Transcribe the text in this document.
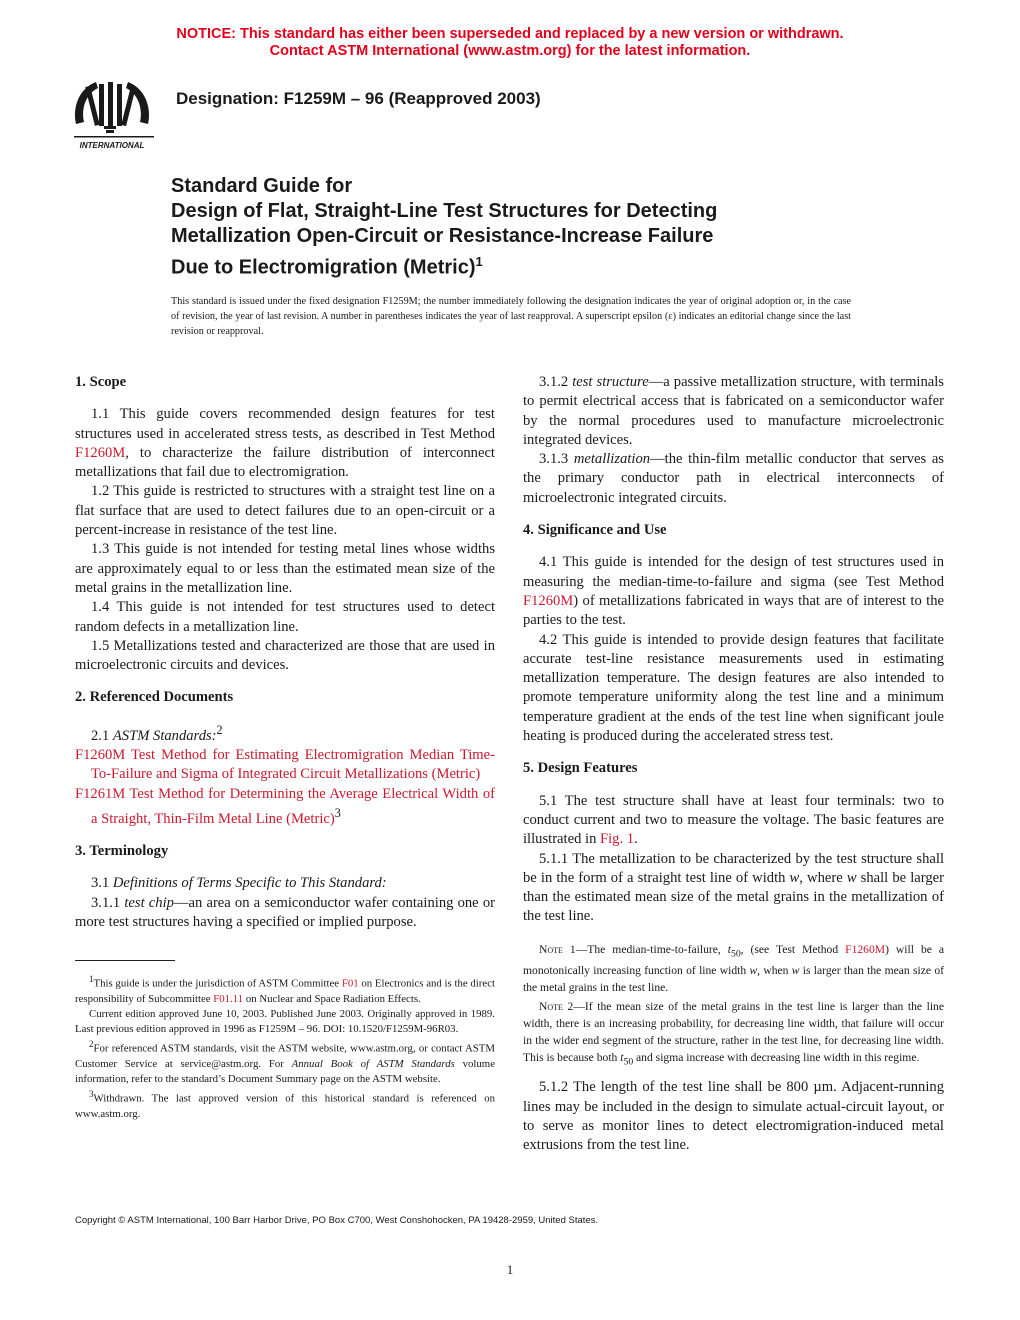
NOTICE: This standard has either been superseded and replaced by a new version or withdrawn.
Contact ASTM International (www.astm.org) for the latest information.
INTERNATIONAL
Designation: F1259M – 96 (Reapproved 2003)
Standard Guide for
Design of Flat, Straight-Line Test Structures for Detecting
Metallization Open-Circuit or Resistance-Increase Failure
Due to Electromigration (Metric)$^1$
This standard is issued under the fixed designation F1259M; the number immediately following the designation indicates the year of original adoption or, in the case of revision, the year of last revision. A number in parentheses indicates the year of last reapproval. A superscript epsilon (ε) indicates an editorial change since the last revision or reapproval.
1. Scope

1.1 This guide covers recommended design features for test structures used in accelerated stress tests, as described in Test Method F1260M, to characterize the failure distribution of interconnect metallizations that fail due to electromigration.

1.2 This guide is restricted to structures with a straight test line on a flat surface that are used to detect failures due to an open-circuit or a percent-increase in resistance of the test line.

1.3 This guide is not intended for testing metal lines whose widths are approximately equal to or less than the estimated mean size of the metal grains in the metallization line.

1.4 This guide is not intended for test structures used to detect random defects in a metallization line.

1.5 Metallizations tested and characterized are those that are used in microelectronic circuits and devices.

2. Referenced Documents

2.1 ASTM Standards:$^2$

F1260M Test Method for Estimating Electromigration Median Time-To-Failure and Sigma of Integrated Circuit Metallizations (Metric)

F1261M Test Method for Determining the Average Electrical Width of a Straight, Thin-Film Metal Line (Metric)$^3$

3. Terminology

3.1 Definitions of Terms Specific to This Standard:

3.1.1 test chip—an area on a semiconductor wafer containing one or more test structures having a specified or implied purpose.

3.1.2 test structure—a passive metallization structure, with terminals to permit electrical access that is fabricated on a semiconductor wafer by the normal procedures used to manufacture microelectronic integrated devices.

3.1.3 metallization—the thin-film metallic conductor that serves as the primary conductor path in electrical interconnects of microelectronic integrated circuits.

4. Significance and Use

4.1 This guide is intended for the design of test structures used in measuring the median-time-to-failure and sigma (see Test Method F1260M) of metallizations fabricated in ways that are of interest to the parties to the test.

4.2 This guide is intended to provide design features that facilitate accurate test-line resistance measurements used in estimating metallization temperature. The design features are also intended to promote temperature uniformity along the test line and a minimum temperature gradient at the ends of the test line when significant joule heating is produced during the accelerated stress test.

5. Design Features

5.1 The test structure shall have at least four terminals: two to conduct current and two to measure the voltage. The basic features are illustrated in Fig. 1.

5.1.1 The metallization to be characterized by the test structure shall be in the form of a straight test line of width w, where w shall be larger than the estimated mean size of the metal grains in the metallization of the test line.

Note 1—The median-time-to-failure, $t_{50}$, (see Test Method F1260M) will be a monotonically increasing function of line width w, when w is larger than the mean size of the metal grains in the test line.

Note 2—If the mean size of the metal grains in the test line is larger than the line width, there is an increasing probability, for decreasing line width, that failure will occur in the wider end segment of the structure, rather in the test line, for decreasing line width. This is because both $t_{50}$ and sigma increase with decreasing line width in this regime.

5.1.2 The length of the test line shall be 800 µm. Adjacent-running lines may be included in the design to simulate actual-circuit layout, or to serve as monitor lines to detect electromigration-induced metal extrusions from the test line.

$^1$This guide is under the jurisdiction of ASTM Committee F01 on Electronics and is the direct responsibility of Subcommittee F01.11 on Nuclear and Space Radiation Effects.

Current edition approved June 10, 2003. Published June 2003. Originally approved in 1989. Last previous edition approved in 1996 as F1259M – 96. DOI: 10.1520/F1259M-96R03.

$^2$For referenced ASTM standards, visit the ASTM website, www.astm.org, or contact ASTM Customer Service at service@astm.org. For Annual Book of ASTM Standards volume information, refer to the standard’s Document Summary page on the ASTM website.

$^3$Withdrawn. The last approved version of this historical standard is referenced on www.astm.org.

Copyright © ASTM International, 100 Barr Harbor Drive, PO Box C700, West Conshohocken, PA 19428-2959, United States.
1
